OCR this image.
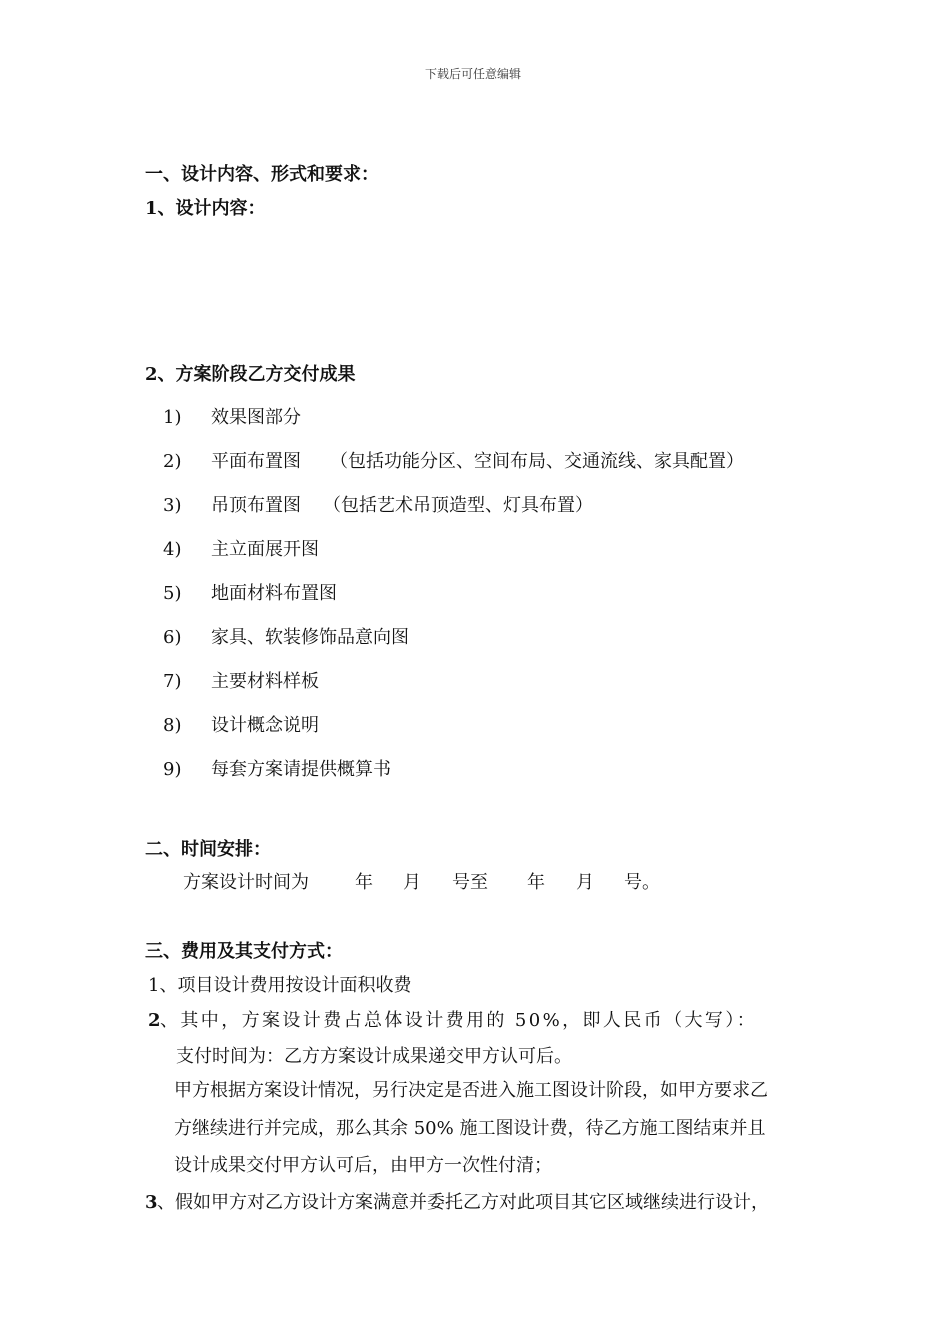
下载后可任意编辑
一、设计内容、形式和要求：
1、设计内容：
2、方案阶段乙方交付成果
1) 效果图部分
2) 平面布置图 （包括功能分区、空间布局、交通流线、家具配置）
3) 吊顶布置图 （包括艺术吊顶造型、灯具布置）
4) 主立面展开图
5) 地面材料布置图
6) 家具、软装修饰品意向图
7) 主要材料样板
8) 设计概念说明
9) 每套方案请提供概算书
二、时间安排：
方案设计时间为	年 月 号至 年 月 号。
三、费用及其支付方式：
1、项目设计费用按设计面积收费
2 、其中，方案设计费占总体设计费用的 50%，即人民币（大写）：
支付时间为：乙方方案设计成果递交甲方认可后。
甲方根据方案设计情况，另行决定是否进入施工图设计阶段，如甲方要求乙
方继续进行并完成，那么其余 50% 施工图设计费，待乙方施工图结束并且
设计成果交付甲方认可后，由甲方一次性付清；
3 、假如甲方对乙方设计方案满意并委托乙方对此项目其它区域继续进行设计，
